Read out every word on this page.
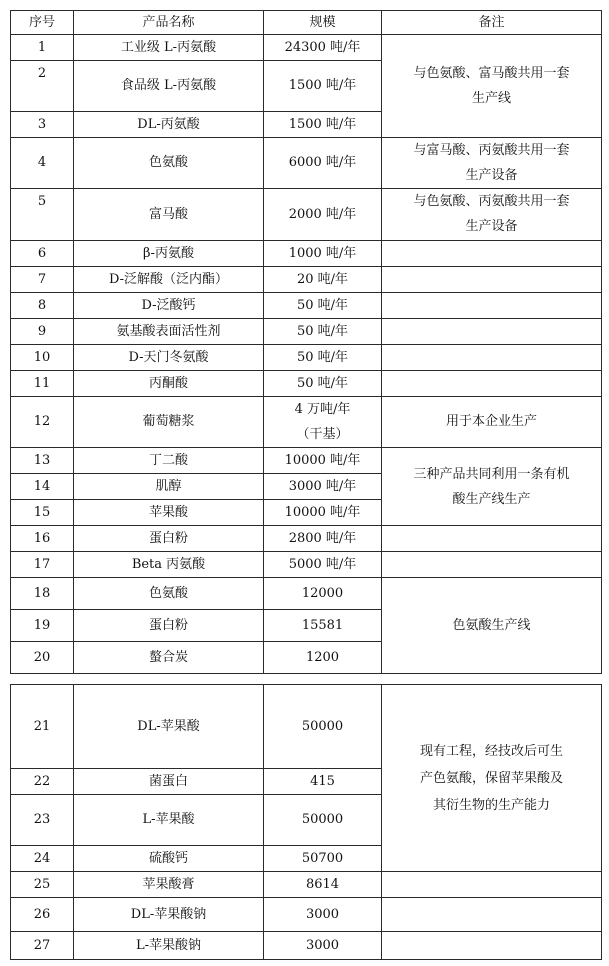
序号	产品名称	规模	备注
1	工业级 L-丙氨酸	24300 吨/年	与色氨酸、富马酸共用一套
生产线
2	食品级 L-丙氨酸	1500 吨/年	
3	DL-丙氨酸	1500 吨/年	
4	色氨酸	6000 吨/年	与富马酸、丙氨酸共用一套
生产设备
5	富马酸	2000 吨/年	与色氨酸、丙氨酸共用一套
生产设备
6	β-丙氨酸	1000 吨/年	
7	D-泛解酸（泛内酯）	20 吨/年	
8	D-泛酸钙	50 吨/年	
9	氨基酸表面活性剂	50 吨/年	
10	D-天门冬氨酸	50 吨/年	
11	丙酮酸	50 吨/年	
12	葡萄糖浆	4 万吨/年
（干基）	用于本企业生产
13	丁二酸	10000 吨/年	三种产品共同利用一条有机
酸生产线生产
14	肌醇	3000 吨/年	
15	苹果酸	10000 吨/年	
16	蛋白粉	2800 吨/年	
17	Beta 丙氨酸	5000 吨/年	
18	色氨酸	12000	色氨酸生产线
19	蛋白粉	15581	
20	螯合炭	1200	
21	DL-苹果酸	50000	现有工程，经技改后可生
产色氨酸，保留苹果酸及
其衍生物的生产能力
22	菌蛋白	415	
23	L-苹果酸	50000	
24	硫酸钙	50700	
25	苹果酸膏	8614	
26	DL-苹果酸钠	3000	
27	L-苹果酸钠	3000	
